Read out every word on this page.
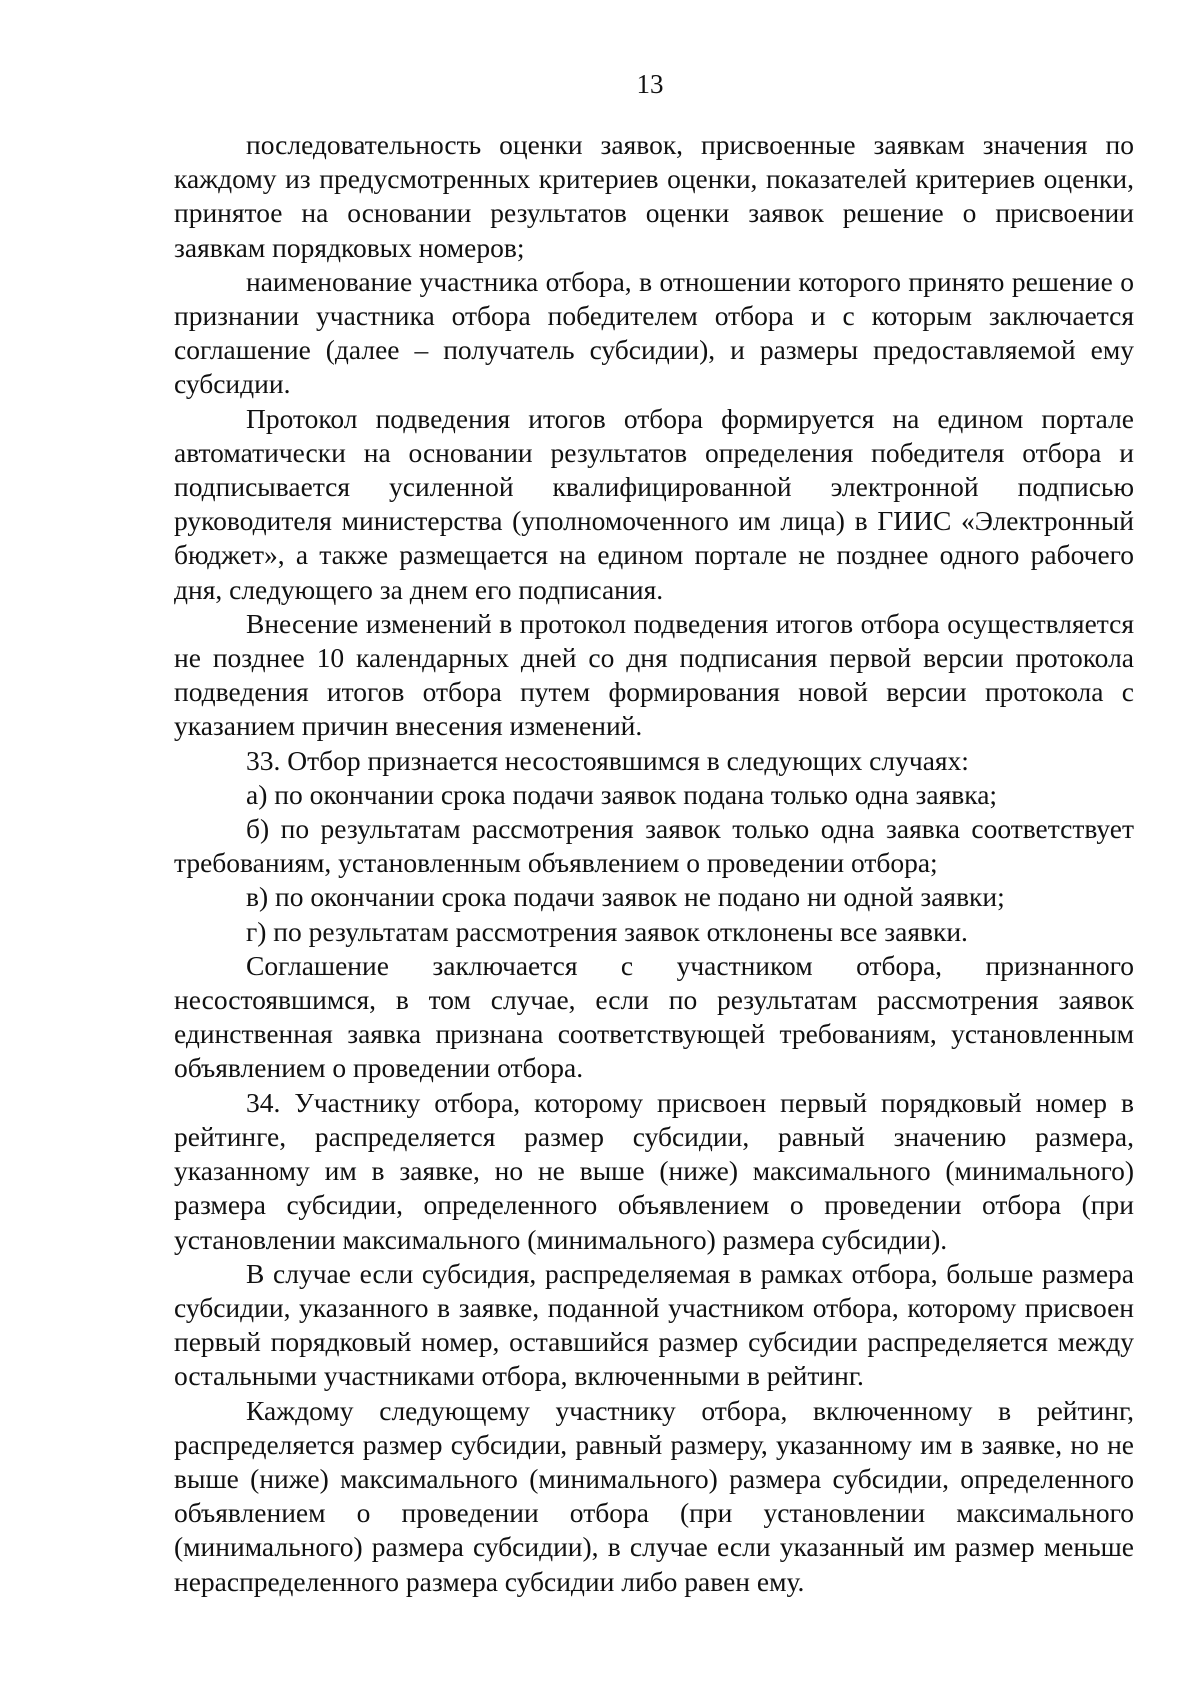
13

последовательность оценки заявок, присвоенные заявкам значения по каждому из предусмотренных критериев оценки, показателей критериев оценки, принятое на основании результатов оценки заявок решение о присвоении заявкам порядковых номеров;

наименование участника отбора, в отношении которого принято решение о признании участника отбора победителем отбора и с которым заключается соглашение (далее – получатель субсидии), и размеры предоставляемой ему субсидии.

Протокол подведения итогов отбора формируется на едином портале автоматически на основании результатов определения победителя отбора и подписывается усиленной квалифицированной электронной подписью руководителя министерства (уполномоченного им лица) в ГИИС «Электронный бюджет», а также размещается на едином портале не позднее одного рабочего дня, следующего за днем его подписания.

Внесение изменений в протокол подведения итогов отбора осуществляется не позднее 10 календарных дней со дня подписания первой версии протокола подведения итогов отбора путем формирования новой версии протокола с указанием причин внесения изменений.

33. Отбор признается несостоявшимся в следующих случаях:

а) по окончании срока подачи заявок подана только одна заявка;

б) по результатам рассмотрения заявок только одна заявка соответствует требованиям, установленным объявлением о проведении отбора;

в) по окончании срока подачи заявок не подано ни одной заявки;

г) по результатам рассмотрения заявок отклонены все заявки.

Соглашение заключается с участником отбора, признанного несостоявшимся, в том случае, если по результатам рассмотрения заявок единственная заявка признана соответствующей требованиям, установленным объявлением о проведении отбора.

34. Участнику отбора, которому присвоен первый порядковый номер в рейтинге, распределяется размер субсидии, равный значению размера, указанному им в заявке, но не выше (ниже) максимального (минимального) размера субсидии, определенного объявлением о проведении отбора (при установлении максимального (минимального) размера субсидии).

В случае если субсидия, распределяемая в рамках отбора, больше размера субсидии, указанного в заявке, поданной участником отбора, которому присвоен первый порядковый номер, оставшийся размер субсидии распределяется между остальными участниками отбора, включенными в рейтинг.

Каждому следующему участнику отбора, включенному в рейтинг, распределяется размер субсидии, равный размеру, указанному им в заявке, но не выше (ниже) максимального (минимального) размера субсидии, определенного объявлением о проведении отбора (при установлении максимального (минимального) размера субсидии), в случае если указанный им размер меньше нераспределенного размера субсидии либо равен ему.
